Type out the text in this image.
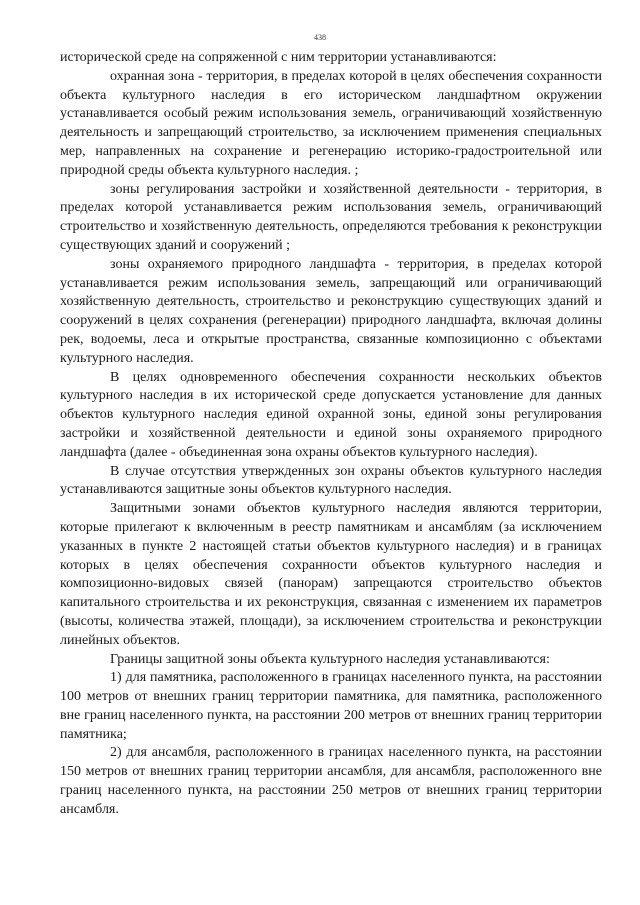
438

исторической среде на сопряженной с ним территории устанавливаются:

охранная зона - территория, в пределах которой в целях обеспечения сохранности объекта культурного наследия в его историческом ландшафтном окружении устанавливается особый режим использования земель, ограничивающий хозяйственную деятельность и запрещающий строительство, за исключением применения специальных мер, направленных на сохранение и регенерацию историко-градостроительной или природной среды объекта культурного наследия. ;

зоны регулирования застройки и хозяйственной деятельности - территория, в пределах которой устанавливается режим использования земель, ограничивающий строительство и хозяйственную деятельность, определяются требования к реконструкции существующих зданий и сооружений ;

зоны охраняемого природного ландшафта - территория, в пределах которой устанавливается режим использования земель, запрещающий или ограничивающий хозяйственную деятельность, строительство и реконструкцию существующих зданий и сооружений в целях сохранения (регенерации) природного ландшафта, включая долины рек, водоемы, леса и открытые пространства, связанные композиционно с объектами культурного наследия.

В целях одновременного обеспечения сохранности нескольких объектов культурного наследия в их исторической среде допускается установление для данных объектов культурного наследия единой охранной зоны, единой зоны регулирования застройки и хозяйственной деятельности и единой зоны охраняемого природного ландшафта (далее - объединенная зона охраны объектов культурного наследия).

В случае отсутствия утвержденных зон охраны объектов культурного наследия устанавливаются защитные зоны объектов культурного наследия.

Защитными зонами объектов культурного наследия являются территории, которые прилегают к включенным в реестр памятникам и ансамблям (за исключением указанных в пункте 2 настоящей статьи объектов культурного наследия) и в границах которых в целях обеспечения сохранности объектов культурного наследия и композиционно-видовых связей (панорам) запрещаются строительство объектов капитального строительства и их реконструкция, связанная с изменением их параметров (высоты, количества этажей, площади), за исключением строительства и реконструкции линейных объектов.

Границы защитной зоны объекта культурного наследия устанавливаются:

1) для памятника, расположенного в границах населенного пункта, на расстоянии 100 метров от внешних границ территории памятника, для памятника, расположенного вне границ населенного пункта, на расстоянии 200 метров от внешних границ территории памятника;

2) для ансамбля, расположенного в границах населенного пункта, на расстоянии 150 метров от внешних границ территории ансамбля, для ансамбля, расположенного вне границ населенного пункта, на расстоянии 250 метров от внешних границ территории ансамбля.
